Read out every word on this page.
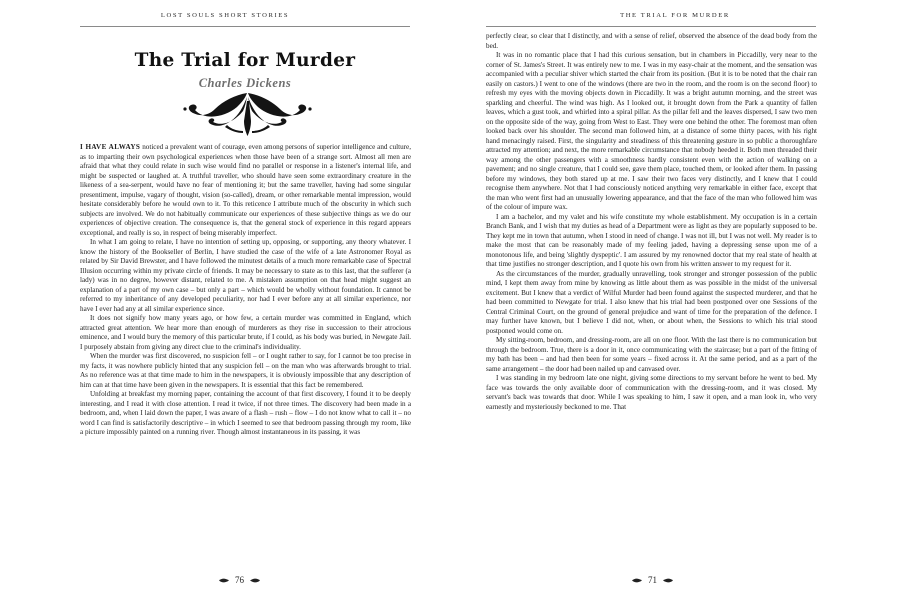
LOST SOULS SHORT STORIES
The Trial for Murder
Charles Dickens

I HAVE ALWAYS noticed a prevalent want of courage, even among persons of superior intelligence and culture, as to imparting their own psychological experiences when those have been of a strange sort. Almost all men are afraid that what they could relate in such wise would find no parallel or response in a listener's internal life, and might be suspected or laughed at. A truthful traveller, who should have seen some extraordinary creature in the likeness of a sea-serpent, would have no fear of mentioning it; but the same traveller, having had some singular presentiment, impulse, vagary of thought, vision (so-called), dream, or other remarkable mental impression, would hesitate considerably before he would own to it. To this reticence I attribute much of the obscurity in which such subjects are involved. We do not habitually communicate our experiences of these subjective things as we do our experiences of objective creation. The consequence is, that the general stock of experience in this regard appears exceptional, and really is so, in respect of being miserably imperfect.

In what I am going to relate, I have no intention of setting up, opposing, or supporting, any theory whatever. I know the history of the Bookseller of Berlin, I have studied the case of the wife of a late Astronomer Royal as related by Sir David Brewster, and I have followed the minutest details of a much more remarkable case of Spectral Illusion occurring within my private circle of friends. It may be necessary to state as to this last, that the sufferer (a lady) was in no degree, however distant, related to me. A mistaken assumption on that head might suggest an explanation of a part of my own case – but only a part – which would be wholly without foundation. It cannot be referred to my inheritance of any developed peculiarity, nor had I ever before any at all similar experience, nor have I ever had any at all similar experience since.

It does not signify how many years ago, or how few, a certain murder was committed in England, which attracted great attention. We hear more than enough of murderers as they rise in succession to their atrocious eminence, and I would bury the memory of this particular brute, if I could, as his body was buried, in Newgate Jail. I purposely abstain from giving any direct clue to the criminal's individuality.

When the murder was first discovered, no suspicion fell – or I ought rather to say, for I cannot be too precise in my facts, it was nowhere publicly hinted that any suspicion fell – on the man who was afterwards brought to trial. As no reference was at that time made to him in the newspapers, it is obviously impossible that any description of him can at that time have been given in the newspapers. It is essential that this fact be remembered.

Unfolding at breakfast my morning paper, containing the account of that first discovery, I found it to be deeply interesting, and I read it with close attention. I read it twice, if not three times. The discovery had been made in a bedroom, and, when I laid down the paper, I was aware of a flash – rush – flow – I do not know what to call it – no word I can find is satisfactorily descriptive – in which I seemed to see that bedroom passing through my room, like a picture impossibly painted on a running river. Though almost instantaneous in its passing, it was

76
THE TRIAL FOR MURDER

perfectly clear, so clear that I distinctly, and with a sense of relief, observed the absence of the dead body from the bed.

It was in no romantic place that I had this curious sensation, but in chambers in Piccadilly, very near to the corner of St. James's Street. It was entirely new to me. I was in my easy-chair at the moment, and the sensation was accompanied with a peculiar shiver which started the chair from its position. (But it is to be noted that the chair ran easily on castors.) I went to one of the windows (there are two in the room, and the room is on the second floor) to refresh my eyes with the moving objects down in Piccadilly. It was a bright autumn morning, and the street was sparkling and cheerful. The wind was high. As I looked out, it brought down from the Park a quantity of fallen leaves, which a gust took, and whirled into a spiral pillar. As the pillar fell and the leaves dispersed, I saw two men on the opposite side of the way, going from West to East. They were one behind the other. The foremost man often looked back over his shoulder. The second man followed him, at a distance of some thirty paces, with his right hand menacingly raised. First, the singularity and steadiness of this threatening gesture in so public a thoroughfare attracted my attention; and next, the more remarkable circumstance that nobody heeded it. Both men threaded their way among the other passengers with a smoothness hardly consistent even with the action of walking on a pavement; and no single creature, that I could see, gave them place, touched them, or looked after them. In passing before my windows, they both stared up at me. I saw their two faces very distinctly, and I knew that I could recognise them anywhere. Not that I had consciously noticed anything very remarkable in either face, except that the man who went first had an unusually lowering appearance, and that the face of the man who followed him was of the colour of impure wax.

I am a bachelor, and my valet and his wife constitute my whole establishment. My occupation is in a certain Branch Bank, and I wish that my duties as head of a Department were as light as they are popularly supposed to be. They kept me in town that autumn, when I stood in need of change. I was not ill, but I was not well. My reader is to make the most that can be reasonably made of my feeling jaded, having a depressing sense upon me of a monotonous life, and being 'slightly dyspeptic'. I am assured by my renowned doctor that my real state of health at that time justifies no stronger description, and I quote his own from his written answer to my request for it.

As the circumstances of the murder, gradually unravelling, took stronger and stronger possession of the public mind, I kept them away from mine by knowing as little about them as was possible in the midst of the universal excitement. But I knew that a verdict of Wilful Murder had been found against the suspected murderer, and that he had been committed to Newgate for trial. I also knew that his trial had been postponed over one Sessions of the Central Criminal Court, on the ground of general prejudice and want of time for the preparation of the defence. I may further have known, but I believe I did not, when, or about when, the Sessions to which his trial stood postponed would come on.

My sitting-room, bedroom, and dressing-room, are all on one floor. With the last there is no communication but through the bedroom. True, there is a door in it, once communicating with the staircase; but a part of the fitting of my bath has been – and had then been for some years – fixed across it. At the same period, and as a part of the same arrangement – the door had been nailed up and canvased over.

I was standing in my bedroom late one night, giving some directions to my servant before he went to bed. My face was towards the only available door of communication with the dressing-room, and it was closed. My servant's back was towards that door. While I was speaking to him, I saw it open, and a man look in, who very earnestly and mysteriously beckoned to me. That

71
